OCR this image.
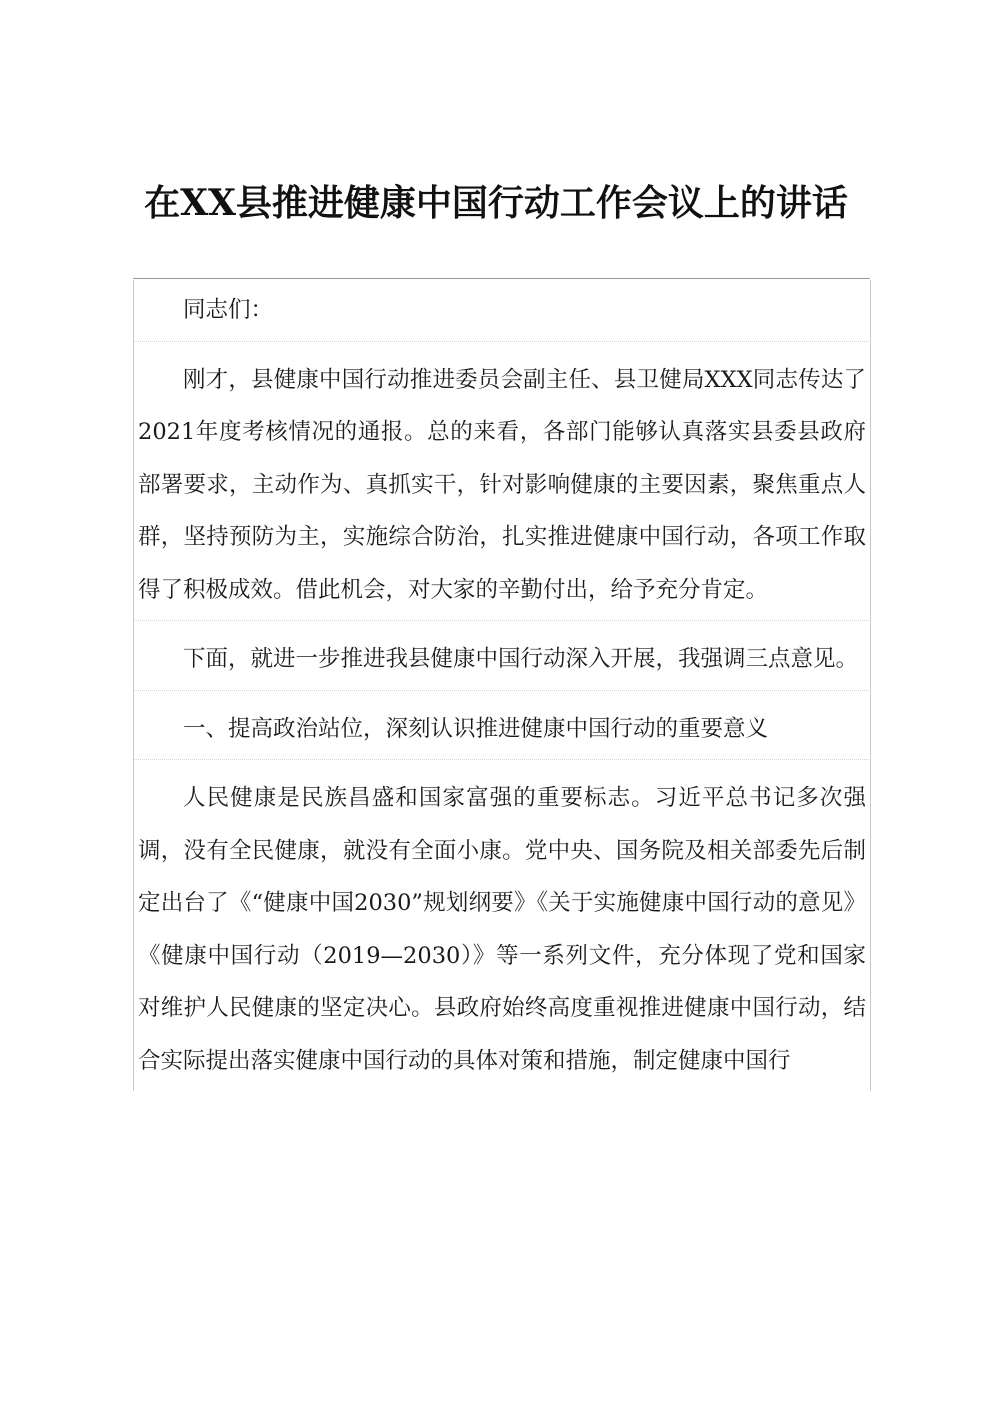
在XX县推进健康中国行动工作会议上的讲话

同志们：

刚才，县健康中国行动推进委员会副主任、县卫健局XXX同志传达了2021年度考核情况的通报。总的来看，各部门能够认真落实县委县政府部署要求，主动作为、真抓实干，针对影响健康的主要因素，聚焦重点人群，坚持预防为主，实施综合防治，扎实推进健康中国行动，各项工作取得了积极成效。借此机会，对大家的辛勤付出，给予充分肯定。

下面，就进一步推进我县健康中国行动深入开展，我强调三点意见。

一、提高政治站位，深刻认识推进健康中国行动的重要意义

人民健康是民族昌盛和国家富强的重要标志。习近平总书记多次强调，没有全民健康，就没有全面小康。党中央、国务院及相关部委先后制定出台了《“健康中国2030”规划纲要》《关于实施健康中国行动的意见》《健康中国行动（2019—2030）》等一系列文件，充分体现了党和国家对维护人民健康的坚定决心。县政府始终高度重视推进健康中国行动，结合实际提出落实健康中国行动的具体对策和措施，制定健康中国行
